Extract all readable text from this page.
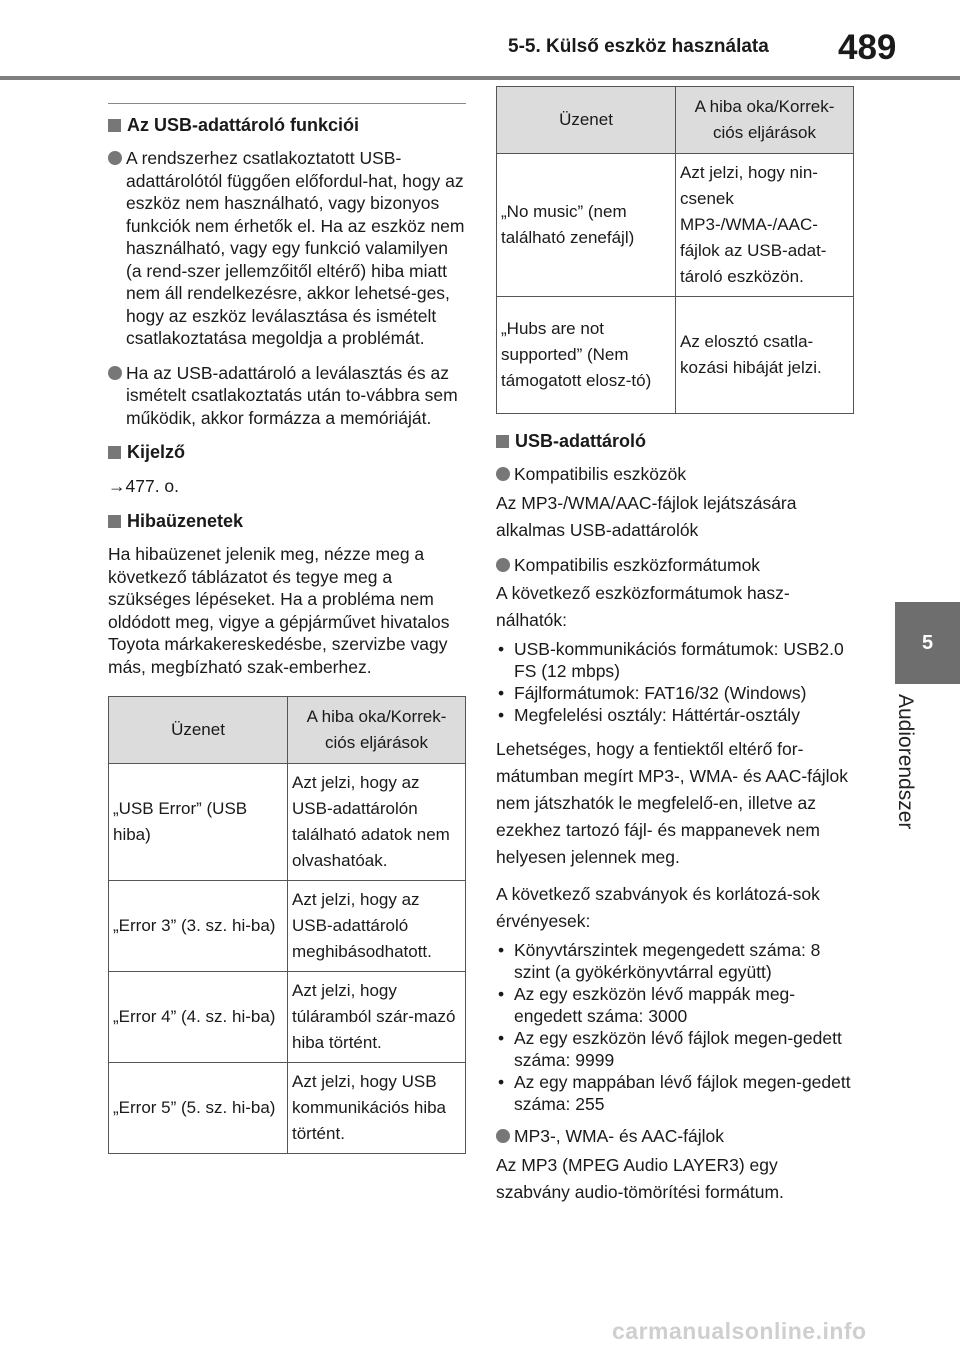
5-5. Külső eszköz használata 489
5
Audiorendszer
Az USB-adattároló funkciói
A rendszerhez csatlakoztatott USB-adattárolótól függően előfordul-hat, hogy az eszköz nem használható, vagy bizonyos funkciók nem érhetők el. Ha az eszköz nem használható, vagy egy funkció valamilyen (a rend-szer jellemzőitől eltérő) hiba miatt nem áll rendelkezésre, akkor lehetsé-ges, hogy az eszköz leválasztása és ismételt csatlakoztatása megoldja a problémát.
Ha az USB-adattároló a leválasztás és az ismételt csatlakoztatás után to-vábbra sem működik, akkor formázza a memóriáját.
Kijelző
→477. o.
Hibaüzenetek
Ha hibaüzenet jelenik meg, nézze meg a következő táblázatot és tegye meg a szükséges lépéseket. Ha a probléma nem oldódott meg, vigye a gépjárművet hivatalos Toyota márkakereskedésbe, szervizbe vagy más, megbízható szak-emberhez.
Üzenet	A hiba oka/Korrek-ciós eljárások
„USB Error” (USB hiba)	Azt jelzi, hogy az USB-adattárolón található adatok nem olvashatóak.
„Error 3” (3. sz. hi-ba)	Azt jelzi, hogy az USB-adattároló meghibásodhatott.
„Error 4” (4. sz. hi-ba)	Azt jelzi, hogy túláramból szár-mazó hiba történt.
„Error 5” (5. sz. hi-ba)	Azt jelzi, hogy USB kommunikációs hiba történt.
Üzenet	A hiba oka/Korrek-ciós eljárások
„No music” (nem található zenefájl)	Azt jelzi, hogy nin-csenek MP3-/WMA-/AAC-fájlok az USB-adat-tároló eszközön.
„Hubs are not supported” (Nem támogatott elosz-tó)	Az elosztó csatla-kozási hibáját jelzi.
USB-adattároló
Kompatibilis eszközök
Az MP3-/WMA/AAC-fájlok lejátszására alkalmas USB-adattárolók
Kompatibilis eszközformátumok
A következő eszközformátumok hasz-nálhatók:
• USB-kommunikációs formátumok: USB2.0 FS (12 mbps)
• Fájlformátumok: FAT16/32 (Windows)
• Megfelelési osztály: Háttértár-osztály
Lehetséges, hogy a fentiektől eltérő for-mátumban megírt MP3-, WMA- és AAC-fájlok nem játszhatók le megfelelő-en, illetve az ezekhez tartozó fájl- és mappanevek nem helyesen jelennek meg.
A következő szabványok és korlátozá-sok érvényesek:
• Könyvtárszintek megengedett száma: 8 szint (a gyökérkönyvtárral együtt)
• Az egy eszközön lévő mappák meg-engedett száma: 3000
• Az egy eszközön lévő fájlok megen-gedett száma: 9999
• Az egy mappában lévő fájlok megen-gedett száma: 255
MP3-, WMA- és AAC-fájlok
Az MP3 (MPEG Audio LAYER3) egy szabvány audio-tömörítési formátum.
carmanualsonline.info
